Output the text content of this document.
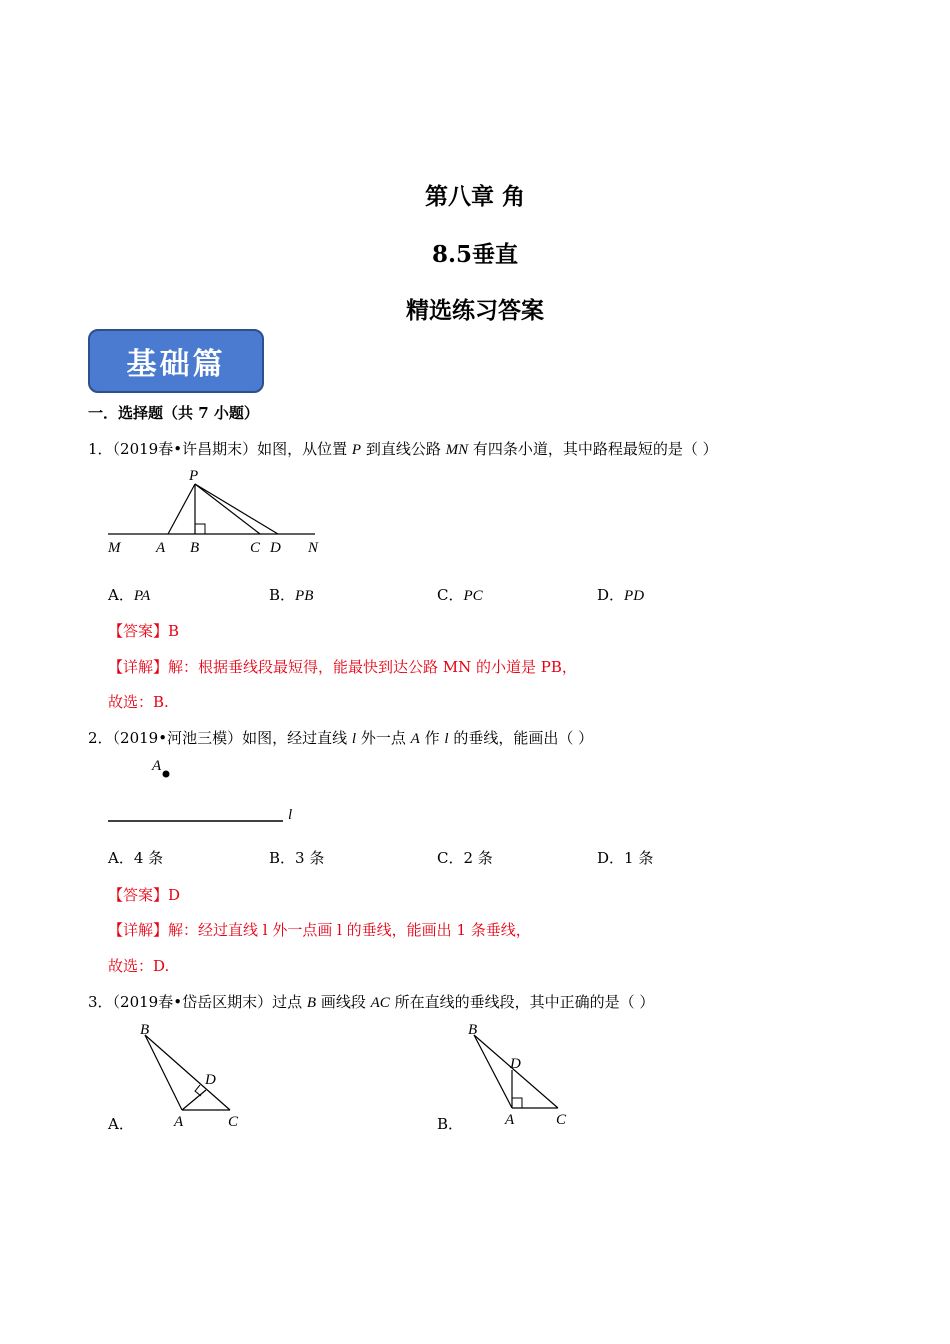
第八章 角
8.5垂直
精选练习答案
基础篇
一．选择题（共 7 小题）
1．（2019春•许昌期末）如图，从位置 P 到直线公路 MN 有四条小道，其中路程最短的是（ ）
P
M A B	C D N
A．PA	B．PB	C．PC	D．PD
【答案】B
【详解】解：根据垂线段最短得，能最快到达公路 MN 的小道是 PB，
故选：B.
2．（2019•河池三模）如图，经过直线 l 外一点 A 作 l 的垂线，能画出（ ）
A
l
A．4 条	B．3 条	C．2 条	D．1 条
【答案】D
【详解】解：经过直线 l 外一点画 l 的垂线，能画出 1 条垂线，
故选：D.
3．（2019春•岱岳区期末）过点 B 画线段 AC 所在直线的垂线段，其中正确的是（ ）
A．
B
D
A	C	B．
B
D
A	C
